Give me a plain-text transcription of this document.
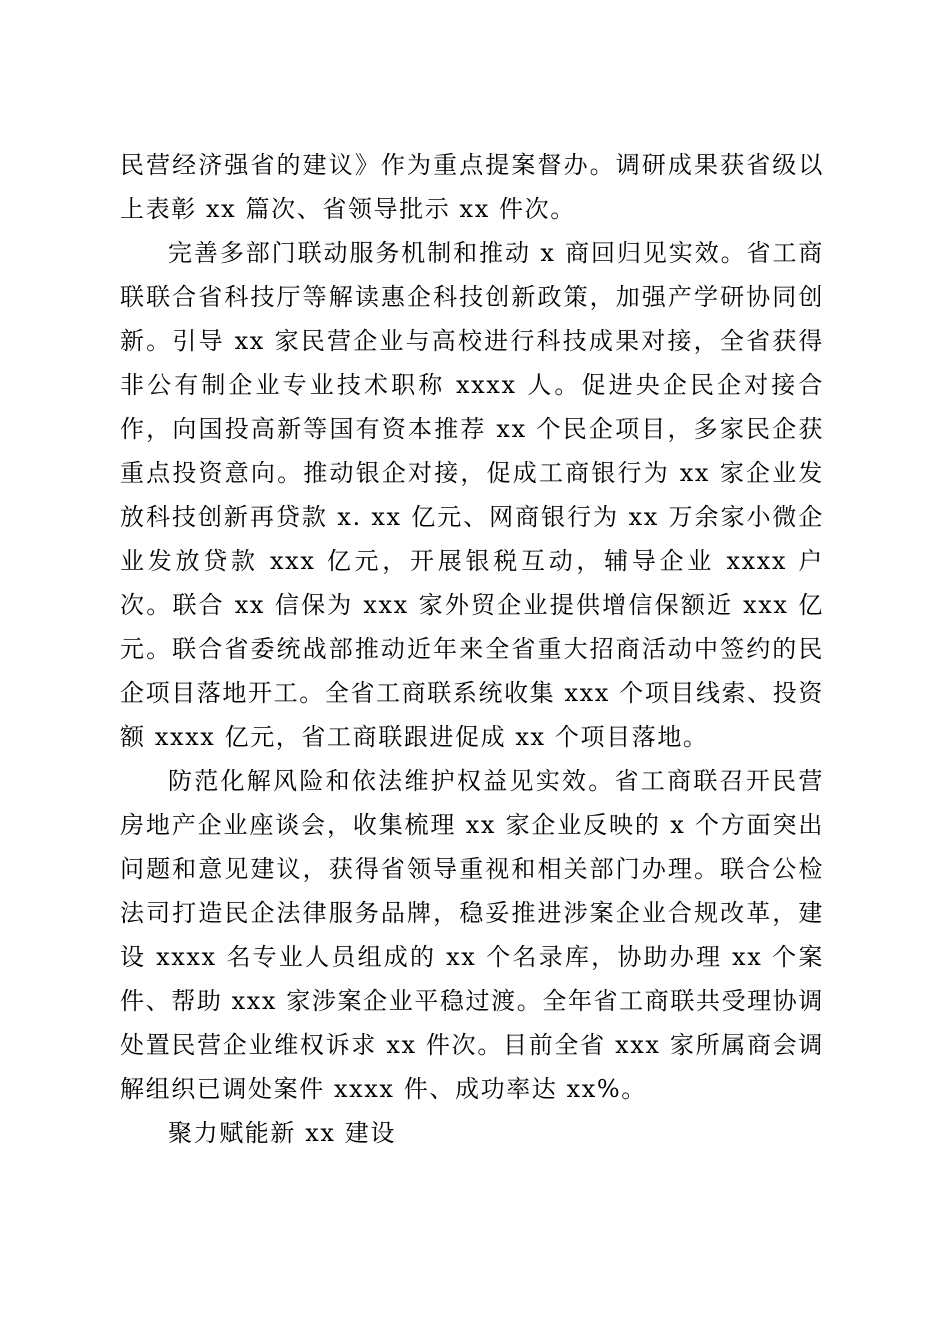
民营经济强省的建议》作为重点提案督办。调研成果获省级以上表彰 xx 篇次、省领导批示 xx 件次。

完善多部门联动服务机制和推动 x 商回归见实效。省工商联联合省科技厅等解读惠企科技创新政策，加强产学研协同创新。引导 xx 家民营企业与高校进行科技成果对接，全省获得非公有制企业专业技术职称 xxxx 人。促进央企民企对接合作，向国投高新等国有资本推荐 xx 个民企项目，多家民企获重点投资意向。推动银企对接，促成工商银行为 xx 家企业发放科技创新再贷款 x. xx 亿元、网商银行为 xx 万余家小微企业发放贷款 xxx 亿元，开展银税互动，辅导企业 xxxx 户次。联合 xx 信保为 xxx 家外贸企业提供增信保额近 xxx 亿元。联合省委统战部推动近年来全省重大招商活动中签约的民企项目落地开工。全省工商联系统收集 xxx 个项目线索、投资额 xxxx 亿元，省工商联跟进促成 xx 个项目落地。

防范化解风险和依法维护权益见实效。省工商联召开民营房地产企业座谈会，收集梳理 xx 家企业反映的 x 个方面突出问题和意见建议，获得省领导重视和相关部门办理。联合公检法司打造民企法律服务品牌，稳妥推进涉案企业合规改革，建设 xxxx 名专业人员组成的 xx 个名录库，协助办理 xx 个案件、帮助 xxx 家涉案企业平稳过渡。全年省工商联共受理协调处置民营企业维权诉求 xx 件次。目前全省 xxx 家所属商会调解组织已调处案件 xxxx 件、成功率达 xx%。

聚力赋能新 xx 建设
